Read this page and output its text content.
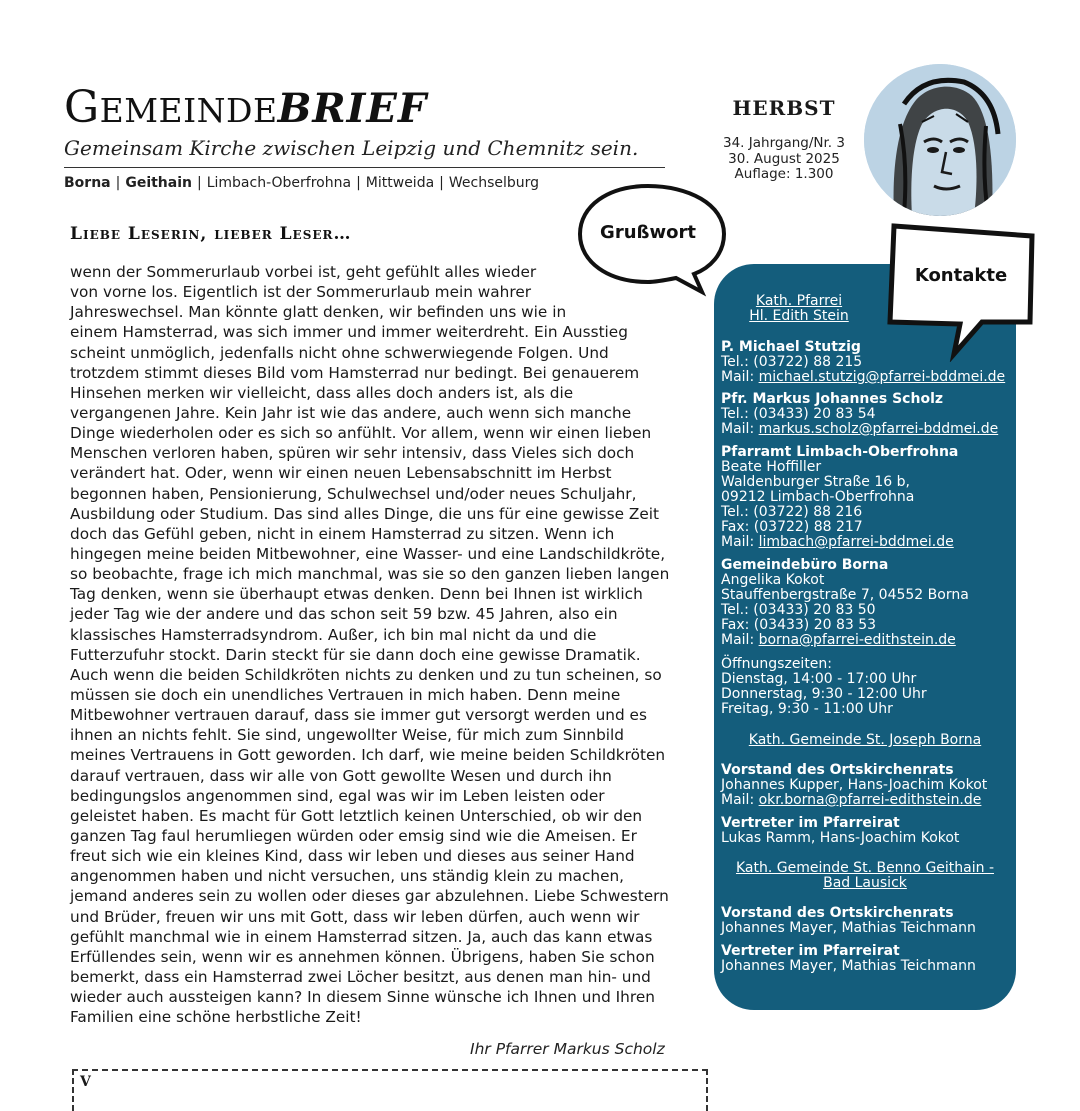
GEMEINDEBRIEF
Gemeinsam Kirche zwischen Leipzig und Chemnitz sein.
Borna | Geithain | Limbach-Oberfrohna | Mittweida | Wechselburg
HERBST
34. Jahrgang/Nr. 3
30. August 2025
Auflage: 1.300
Liebe Leserin, lieber Leser…	Grußwort
wenn der Sommerurlaub vorbei ist, geht gefühlt alles wieder
von vorne los. Eigentlich ist der Sommerurlaub mein wahrer
Jahreswechsel. Man könnte glatt denken, wir befinden uns wie in
einem Hamsterrad, was sich immer und immer weiterdreht. Ein Ausstieg
scheint unmöglich, jedenfalls nicht ohne schwerwiegende Folgen. Und
trotzdem stimmt dieses Bild vom Hamsterrad nur bedingt. Bei genauerem
Hinsehen merken wir vielleicht, dass alles doch anders ist, als die
vergangenen Jahre. Kein Jahr ist wie das andere, auch wenn sich manche
Dinge wiederholen oder es sich so anfühlt. Vor allem, wenn wir einen lieben
Menschen verloren haben, spüren wir sehr intensiv, dass Vieles sich doch
verändert hat. Oder, wenn wir einen neuen Lebensabschnitt im Herbst
begonnen haben, Pensionierung, Schulwechsel und/oder neues Schuljahr,
Ausbildung oder Studium. Das sind alles Dinge, die uns für eine gewisse Zeit
doch das Gefühl geben, nicht in einem Hamsterrad zu sitzen. Wenn ich
hingegen meine beiden Mitbewohner, eine Wasser- und eine Landschildkröte,
so beobachte, frage ich mich manchmal, was sie so den ganzen lieben langen
Tag denken, wenn sie überhaupt etwas denken. Denn bei Ihnen ist wirklich
jeder Tag wie der andere und das schon seit 59 bzw. 45 Jahren, also ein
klassisches Hamsterradsyndrom. Außer, ich bin mal nicht da und die
Futterzufuhr stockt. Darin steckt für sie dann doch eine gewisse Dramatik.
Auch wenn die beiden Schildkröten nichts zu denken und zu tun scheinen, so
müssen sie doch ein unendliches Vertrauen in mich haben. Denn meine
Mitbewohner vertrauen darauf, dass sie immer gut versorgt werden und es
ihnen an nichts fehlt. Sie sind, ungewollter Weise, für mich zum Sinnbild
meines Vertrauens in Gott geworden. Ich darf, wie meine beiden Schildkröten
darauf vertrauen, dass wir alle von Gott gewollte Wesen und durch ihn
bedingungslos angenommen sind, egal was wir im Leben leisten oder
geleistet haben. Es macht für Gott letztlich keinen Unterschied, ob wir den
ganzen Tag faul herumliegen würden oder emsig sind wie die Ameisen. Er
freut sich wie ein kleines Kind, dass wir leben und dieses aus seiner Hand
angenommen haben und nicht versuchen, uns ständig klein zu machen,
jemand anderes sein zu wollen oder dieses gar abzulehnen. Liebe Schwestern
und Brüder, freuen wir uns mit Gott, dass wir leben dürfen, auch wenn wir
gefühlt manchmal wie in einem Hamsterrad sitzen. Ja, auch das kann etwas
Erfüllendes sein, wenn wir es annehmen können. Übrigens, haben Sie schon
bemerkt, dass ein Hamsterrad zwei Löcher besitzt, aus denen man hin- und
wieder auch aussteigen kann? In diesem Sinne wünsche ich Ihnen und Ihren
Familien eine schöne herbstliche Zeit!
Ihr Pfarrer Markus Scholz
V
Kath. Pfarrei
Hl. Edith Stein
Kontakte
P. Michael Stutzig
Tel.: (03722) 88 215
Mail: michael.stutzig@pfarrei-bddmei.de
Pfr. Markus Johannes Scholz
Tel.: (03433) 20 83 54
Mail: markus.scholz@pfarrei-bddmei.de
Pfarramt Limbach-Oberfrohna
Beate Hoffiller
Waldenburger Straße 16 b,
09212 Limbach-Oberfrohna
Tel.: (03722) 88 216
Fax: (03722) 88 217
Mail: limbach@pfarrei-bddmei.de
Gemeindebüro Borna
Angelika Kokot
Stauffenbergstraße 7, 04552 Borna
Tel.: (03433) 20 83 50
Fax: (03433) 20 83 53
Mail: borna@pfarrei-edithstein.de
Öffnungszeiten:
Dienstag, 14:00 - 17:00 Uhr
Donnerstag, 9:30 - 12:00 Uhr
Freitag, 9:30 - 11:00 Uhr
Kath. Gemeinde St. Joseph Borna
Vorstand des Ortskirchenrats
Johannes Kupper, Hans-Joachim Kokot
Mail: okr.borna@pfarrei-edithstein.de
Vertreter im Pfarreirat
Lukas Ramm, Hans-Joachim Kokot
Kath. Gemeinde St. Benno Geithain -
Bad Lausick
Vorstand des Ortskirchenrats
Johannes Mayer, Mathias Teichmann
Vertreter im Pfarreirat
Johannes Mayer, Mathias Teichmann
